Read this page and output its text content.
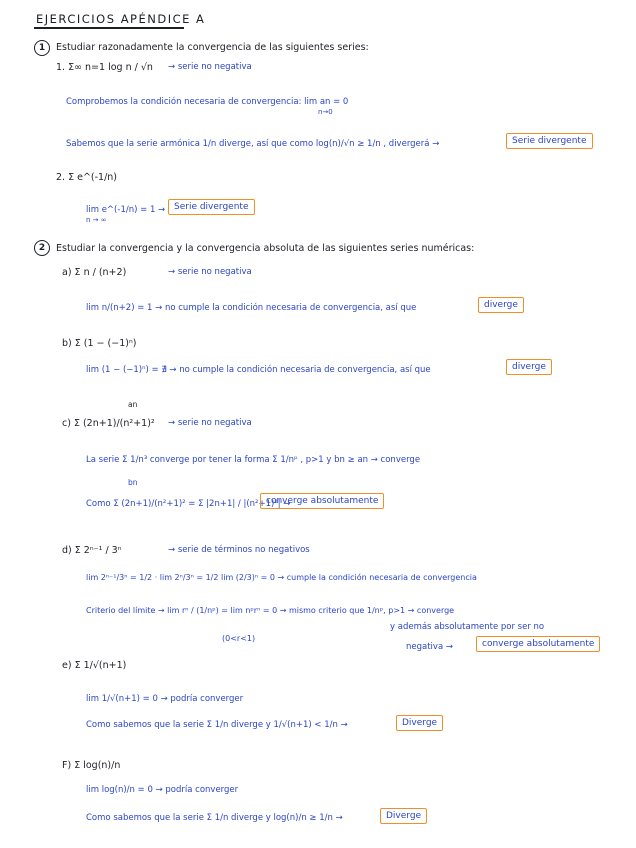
EJERCICIOS APÉNDICE A
1	Estudiar razonadamente la convergencia de las siguientes series:
1. Σ∞ n=1 log n / √n → serie no negativa
Comprobemos la condición necesaria de convergencia: lim an = 0
n→0
Sabemos que la serie armónica 1/n diverge, así que como log(n)/√n ≥ 1/n , divergerá →	Serie divergente
2. Σ e^(-1/n)
lim e^(-1/n) = 1 →
n → ∞
Serie divergente
2	Estudiar la convergencia y la convergencia absoluta de las siguientes series numéricas:
a) Σ n / (n+2)	→ serie no negativa
lim n/(n+2) = 1 → no cumple la condición necesaria de convergencia, así que	diverge
b) Σ (1 − (−1)ⁿ)
lim (1 − (−1)ⁿ) = ∄ → no cumple la condición necesaria de convergencia, así que	diverge
an
c) Σ (2n+1)/(n²+1)² → serie no negativa
La serie Σ 1/n³ converge por tener la forma Σ 1/nᵖ , p>1 y bn ≥ an → converge
bn
Como Σ (2n+1)/(n²+1)² = Σ |2n+1| / |(n²+1)²| →
converge absolutamente
d) Σ 2ⁿ⁻¹ / 3ⁿ	→ serie de términos no negativos
lim 2ⁿ⁻¹/3ⁿ = 1/2 · lim 2ⁿ/3ⁿ = 1/2 lim (2/3)ⁿ = 0 → cumple la condición necesaria de convergencia
Criterio del límite → lim rⁿ / (1/nᵖ) = lim nᵖrⁿ = 0 → mismo criterio que 1/nᵖ, p>1 → converge
(0<r<1)
y además absolutamente por ser no
negativa →	converge absolutamente
e) Σ 1/√(n+1)
lim 1/√(n+1) = 0 → podría converger
Como sabemos que la serie Σ 1/n diverge y 1/√(n+1) < 1/n →	Diverge
F) Σ log(n)/n
lim log(n)/n = 0 → podría converger
Como sabemos que la serie Σ 1/n diverge y log(n)/n ≥ 1/n →	Diverge
